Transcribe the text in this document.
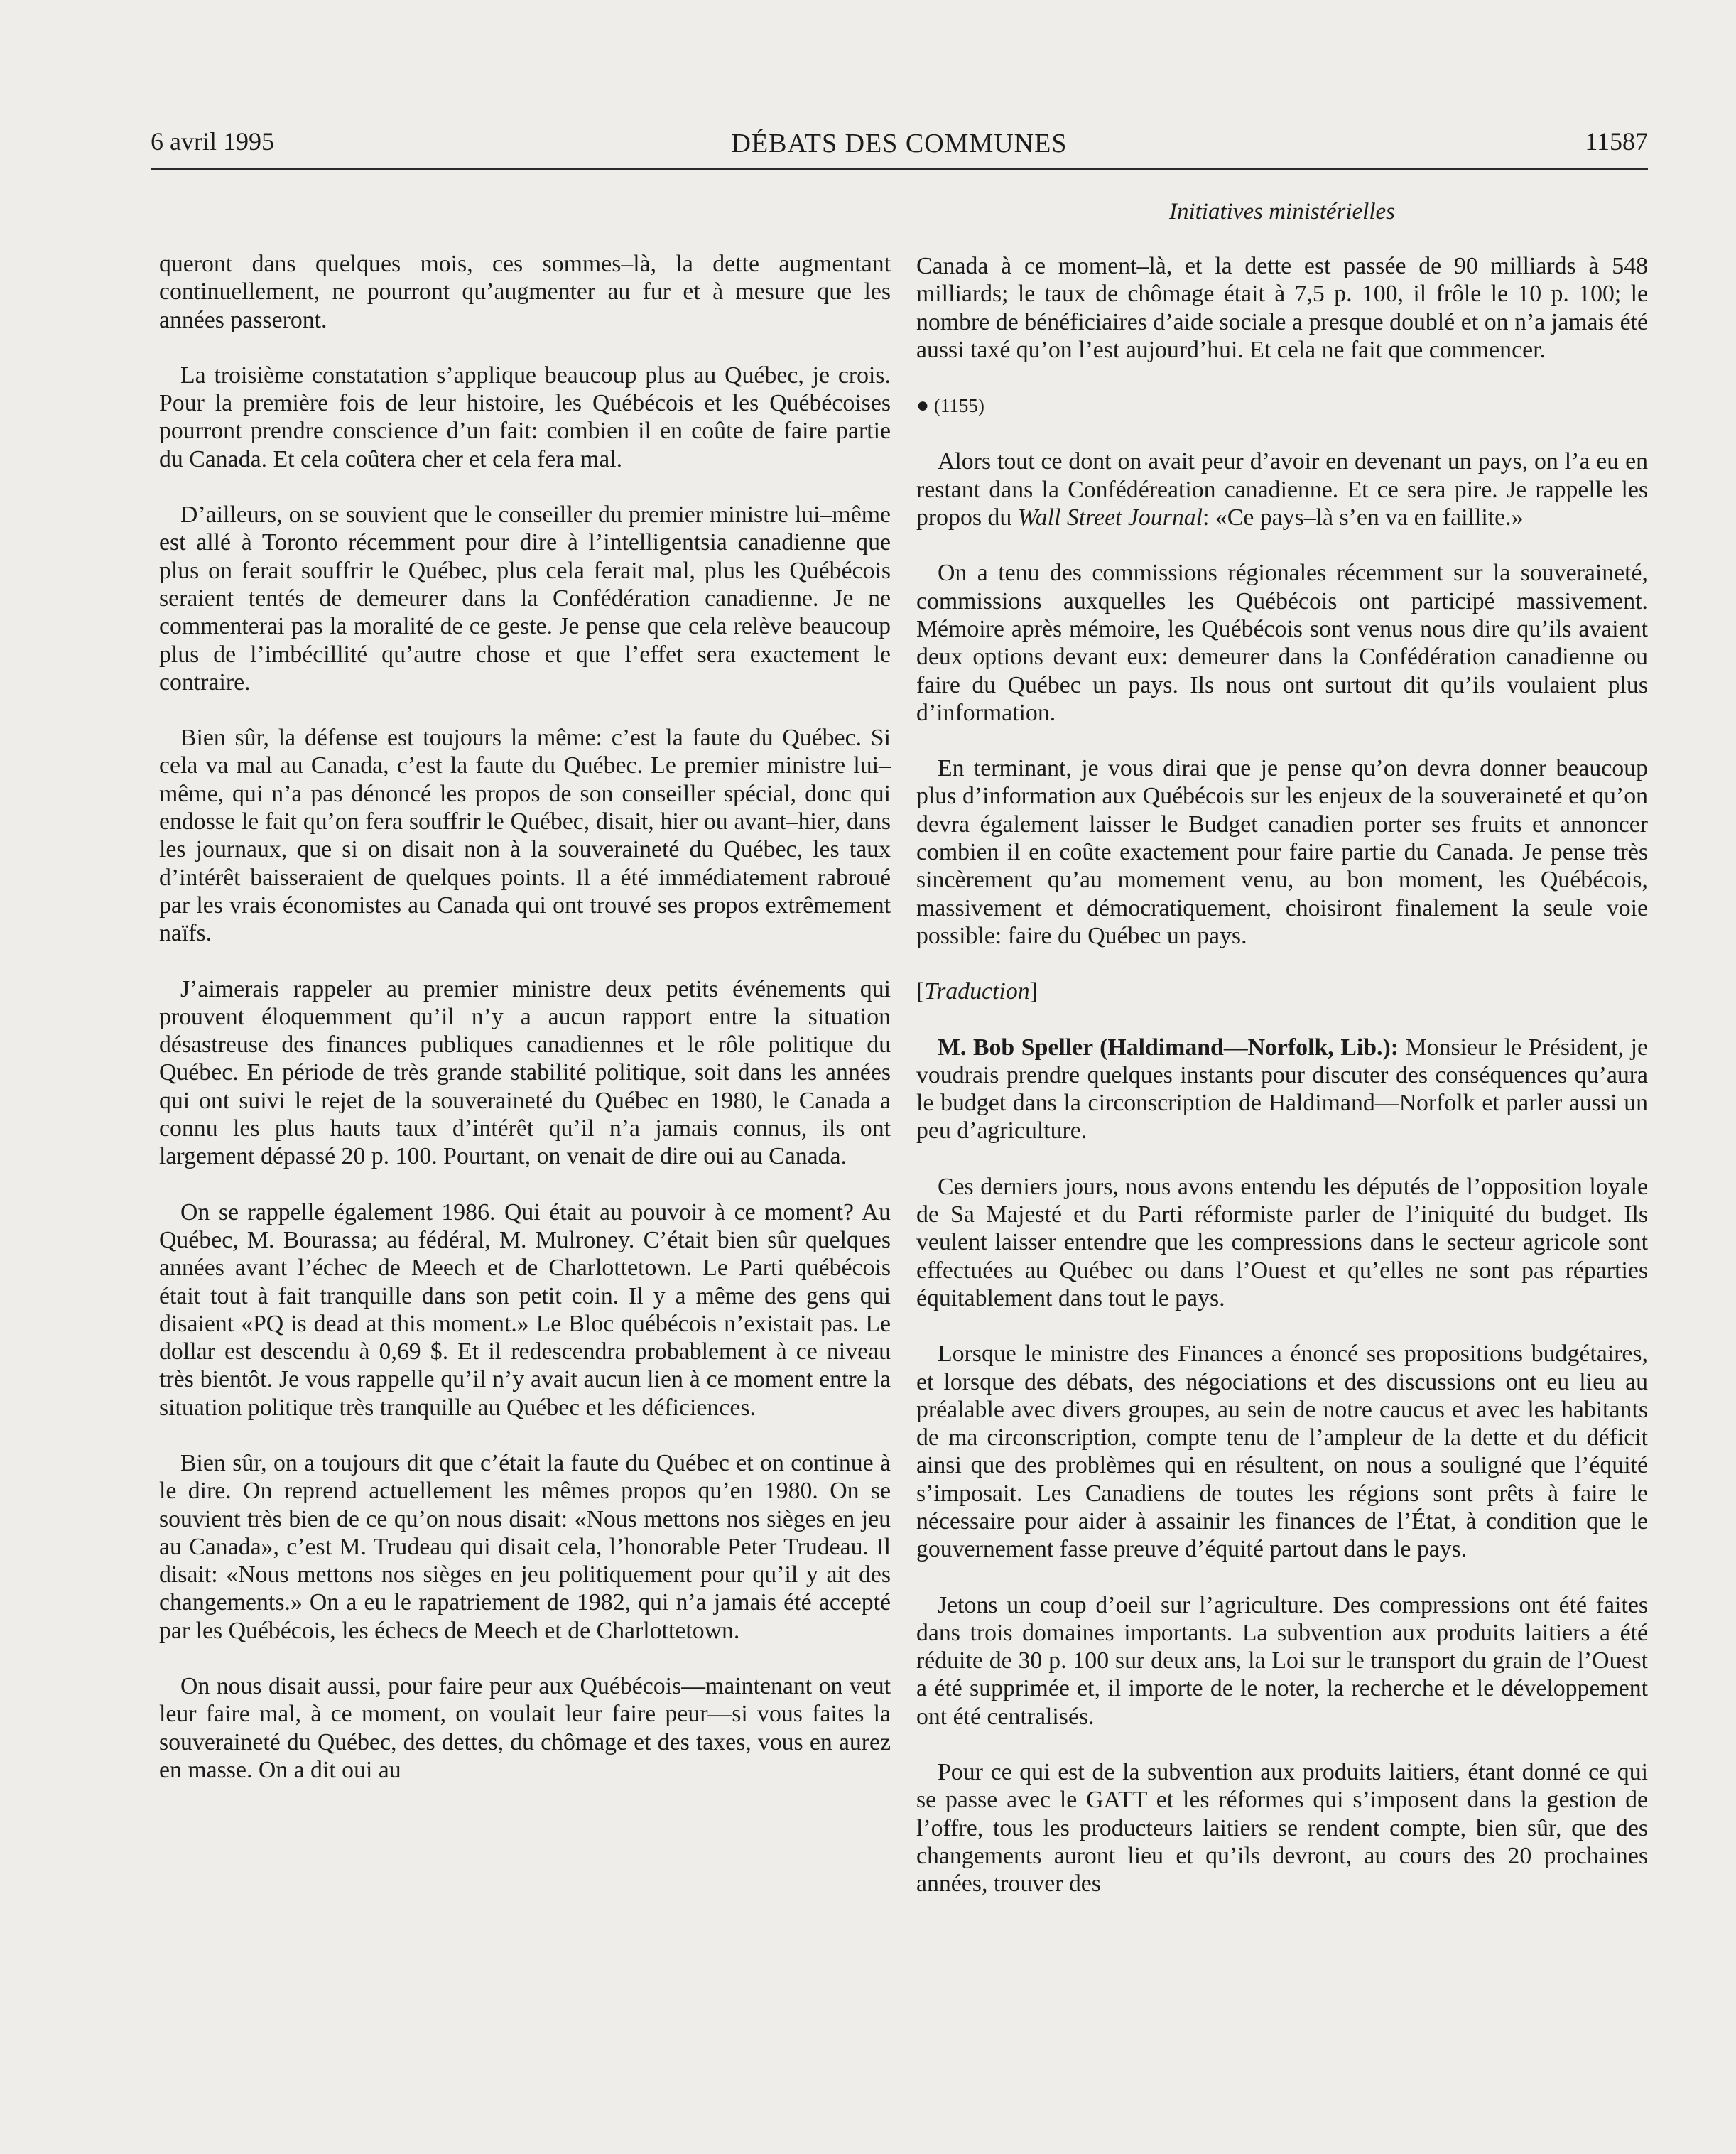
6 avril 1995	DÉBATS DES COMMUNES	11587
Initiatives ministérielles

queront dans quelques mois, ces sommes–là, la dette augmentant continuellement, ne pourront qu’augmenter au fur et à mesure que les années passeront.

La troisième constatation s’applique beaucoup plus au Québec, je crois. Pour la première fois de leur histoire, les Québécois et les Québécoises pourront prendre conscience d’un fait: combien il en coûte de faire partie du Canada. Et cela coûtera cher et cela fera mal.

D’ailleurs, on se souvient que le conseiller du premier ministre lui–même est allé à Toronto récemment pour dire à l’intelligentsia canadienne que plus on ferait souffrir le Québec, plus cela ferait mal, plus les Québécois seraient tentés de demeurer dans la Confédération canadienne. Je ne commenterai pas la moralité de ce geste. Je pense que cela relève beaucoup plus de l’imbécillité qu’autre chose et que l’effet sera exactement le contraire.

Bien sûr, la défense est toujours la même: c’est la faute du Québec. Si cela va mal au Canada, c’est la faute du Québec. Le premier ministre lui–même, qui n’a pas dénoncé les propos de son conseiller spécial, donc qui endosse le fait qu’on fera souffrir le Québec, disait, hier ou avant–hier, dans les journaux, que si on disait non à la souveraineté du Québec, les taux d’intérêt baisseraient de quelques points. Il a été immédiatement rabroué par les vrais économistes au Canada qui ont trouvé ses propos extrêmement naïfs.

J’aimerais rappeler au premier ministre deux petits événements qui prouvent éloquemment qu’il n’y a aucun rapport entre la situation désastreuse des finances publiques canadiennes et le rôle politique du Québec. En période de très grande stabilité politique, soit dans les années qui ont suivi le rejet de la souveraineté du Québec en 1980, le Canada a connu les plus hauts taux d’intérêt qu’il n’a jamais connus, ils ont largement dépassé 20 p. 100. Pourtant, on venait de dire oui au Canada.

On se rappelle également 1986. Qui était au pouvoir à ce moment? Au Québec, M. Bourassa; au fédéral, M. Mulroney. C’était bien sûr quelques années avant l’échec de Meech et de Charlottetown. Le Parti québécois était tout à fait tranquille dans son petit coin. Il y a même des gens qui disaient «PQ is dead at this moment.» Le Bloc québécois n’existait pas. Le dollar est descendu à 0,69 $. Et il redescendra probablement à ce niveau très bientôt. Je vous rappelle qu’il n’y avait aucun lien à ce moment entre la situation politique très tranquille au Québec et les déficiences.

Bien sûr, on a toujours dit que c’était la faute du Québec et on continue à le dire. On reprend actuellement les mêmes propos qu’en 1980. On se souvient très bien de ce qu’on nous disait: «Nous mettons nos sièges en jeu au Canada», c’est M. Trudeau qui disait cela, l’honorable Peter Trudeau. Il disait: «Nous mettons nos sièges en jeu politiquement pour qu’il y ait des changements.» On a eu le rapatriement de 1982, qui n’a jamais été accepté par les Québécois, les échecs de Meech et de Charlottetown.

On nous disait aussi, pour faire peur aux Québécois—maintenant on veut leur faire mal, à ce moment, on voulait leur faire peur—si vous faites la souveraineté du Québec, des dettes, du chômage et des taxes, vous en aurez en masse. On a dit oui au

Canada à ce moment–là, et la dette est passée de 90 milliards à 548 milliards; le taux de chômage était à 7,5 p. 100, il frôle le 10 p. 100; le nombre de bénéficiaires d’aide sociale a presque doublé et on n’a jamais été aussi taxé qu’on l’est aujourd’hui. Et cela ne fait que commencer.

● (1155)

Alors tout ce dont on avait peur d’avoir en devenant un pays, on l’a eu en restant dans la Confédéreation canadienne. Et ce sera pire. Je rappelle les propos du Wall Street Journal: «Ce pays–là s’en va en faillite.»

On a tenu des commissions régionales récemment sur la souveraineté, commissions auxquelles les Québécois ont participé massivement. Mémoire après mémoire, les Québécois sont venus nous dire qu’ils avaient deux options devant eux: demeurer dans la Confédération canadienne ou faire du Québec un pays. Ils nous ont surtout dit qu’ils voulaient plus d’information.

En terminant, je vous dirai que je pense qu’on devra donner beaucoup plus d’information aux Québécois sur les enjeux de la souveraineté et qu’on devra également laisser le Budget canadien porter ses fruits et annoncer combien il en coûte exactement pour faire partie du Canada. Je pense très sincèrement qu’au momement venu, au bon moment, les Québécois, massivement et démocratiquement, choisiront finalement la seule voie possible: faire du Québec un pays.

[Traduction]

M. Bob Speller (Haldimand—Norfolk, Lib.): Monsieur le Président, je voudrais prendre quelques instants pour discuter des conséquences qu’aura le budget dans la circonscription de Haldimand—Norfolk et parler aussi un peu d’agriculture.

Ces derniers jours, nous avons entendu les députés de l’opposition loyale de Sa Majesté et du Parti réformiste parler de l’iniquité du budget. Ils veulent laisser entendre que les compressions dans le secteur agricole sont effectuées au Québec ou dans l’Ouest et qu’elles ne sont pas réparties équitablement dans tout le pays.

Lorsque le ministre des Finances a énoncé ses propositions budgétaires, et lorsque des débats, des négociations et des discussions ont eu lieu au préalable avec divers groupes, au sein de notre caucus et avec les habitants de ma circonscription, compte tenu de l’ampleur de la dette et du déficit ainsi que des problèmes qui en résultent, on nous a souligné que l’équité s’imposait. Les Canadiens de toutes les régions sont prêts à faire le nécessaire pour aider à assainir les finances de l’État, à condition que le gouvernement fasse preuve d’équité partout dans le pays.

Jetons un coup d’oeil sur l’agriculture. Des compressions ont été faites dans trois domaines importants. La subvention aux produits laitiers a été réduite de 30 p. 100 sur deux ans, la Loi sur le transport du grain de l’Ouest a été supprimée et, il importe de le noter, la recherche et le développement ont été centralisés.

Pour ce qui est de la subvention aux produits laitiers, étant donné ce qui se passe avec le GATT et les réformes qui s’imposent dans la gestion de l’offre, tous les producteurs laitiers se rendent compte, bien sûr, que des changements auront lieu et qu’ils devront, au cours des 20 prochaines années, trouver des
